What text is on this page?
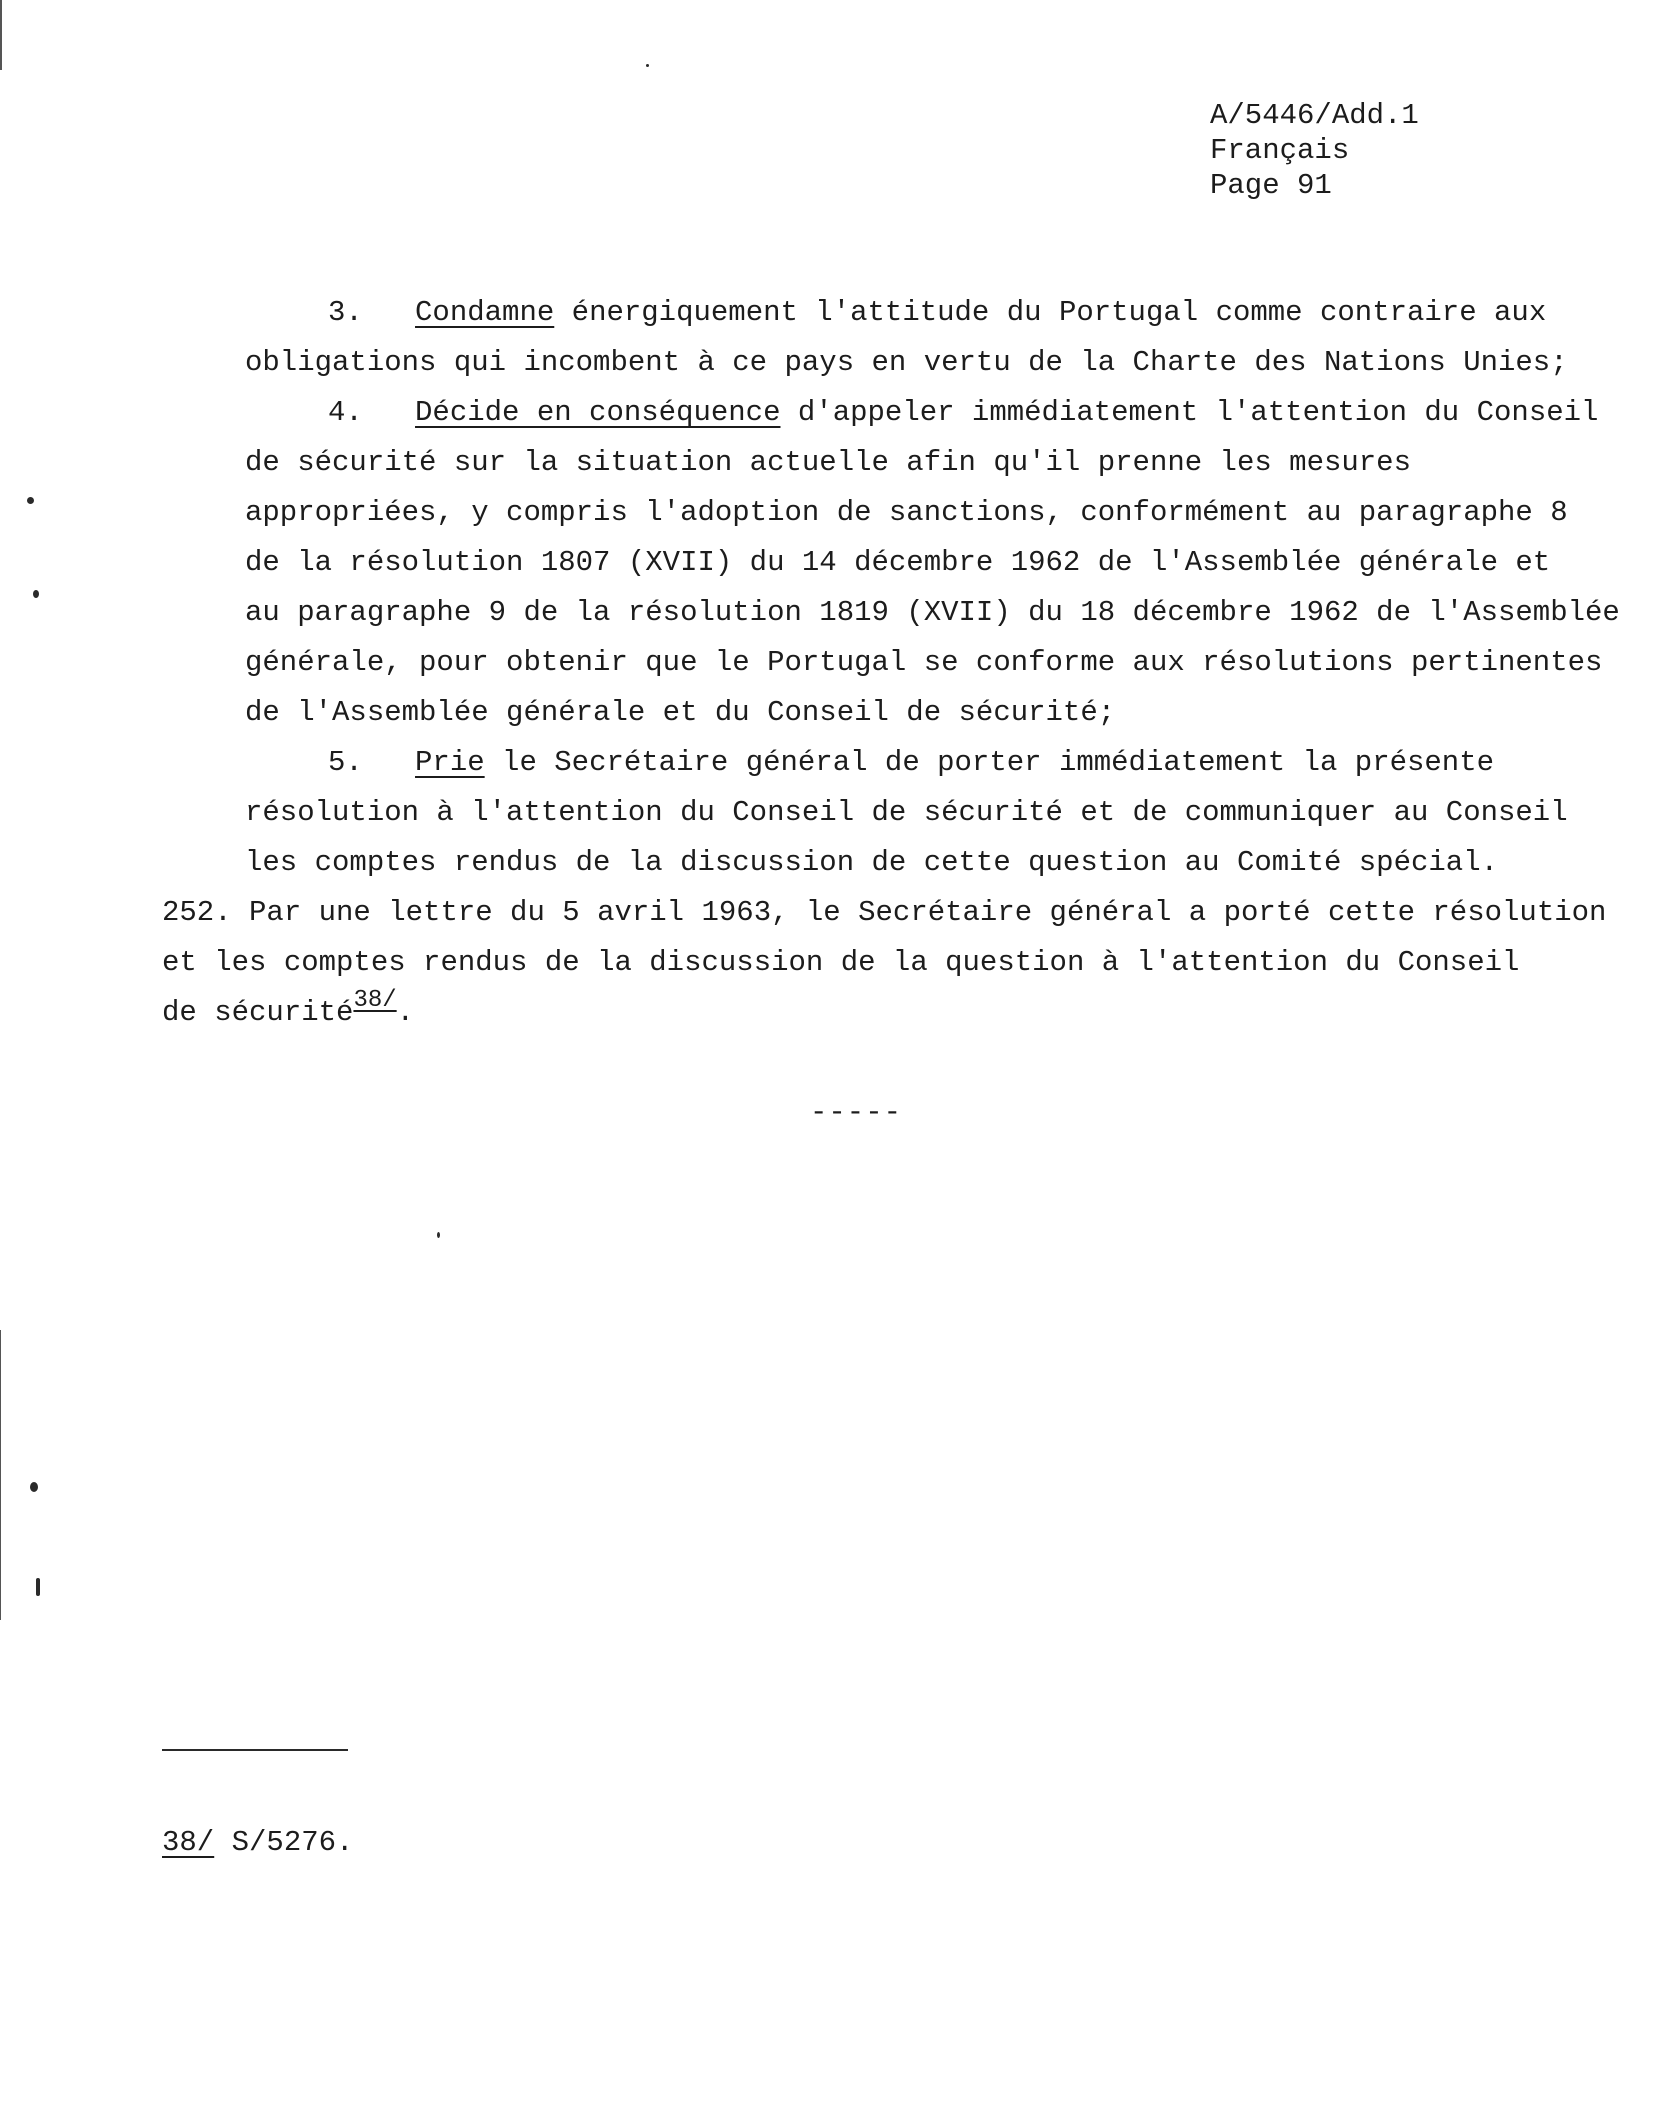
A/5446/Add.1
Français
Page 91
3. Condamne énergiquement l'attitude du Portugal comme contraire aux
obligations qui incombent à ce pays en vertu de la Charte des Nations Unies;
4. Décide en conséquence d'appeler immédiatement l'attention du Conseil
de sécurité sur la situation actuelle afin qu'il prenne les mesures
appropriées, y compris l'adoption de sanctions, conformément au paragraphe 8
de la résolution 1807 (XVII) du 14 décembre 1962 de l'Assemblée générale et
au paragraphe 9 de la résolution 1819 (XVII) du 18 décembre 1962 de l'Assemblée
générale, pour obtenir que le Portugal se conforme aux résolutions pertinentes
de l'Assemblée générale et du Conseil de sécurité;
5. Prie le Secrétaire général de porter immédiatement la présente
résolution à l'attention du Conseil de sécurité et de communiquer au Conseil
les comptes rendus de la discussion de cette question au Comité spécial.
252. Par une lettre du 5 avril 1963, le Secrétaire général a porté cette résolution
et les comptes rendus de la discussion de la question à l'attention du Conseil
de sécurité$^{38/}$.
-----
38/ S/5276.
